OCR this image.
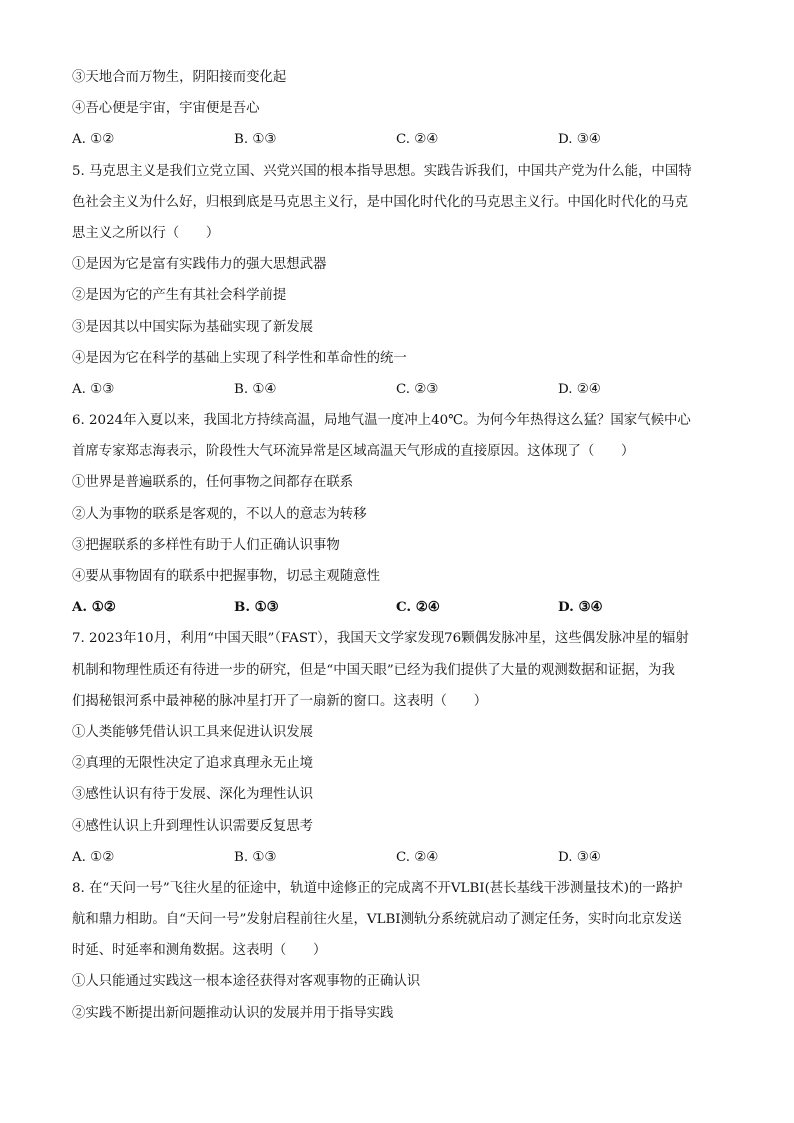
③天地合而万物生，阴阳接而变化起
④吾心便是宇宙，宇宙便是吾心
A. ①②	B. ①③	C. ②④	D. ③④
5. 马克思主义是我们立党立国、兴党兴国的根本指导思想。实践告诉我们，中国共产党为什么能，中国特
色社会主义为什么好，归根到底是马克思主义行，是中国化时代化的马克思主义行。中国化时代化的马克
思主义之所以行（　　）
①是因为它是富有实践伟力的强大思想武器
②是因为它的产生有其社会科学前提
③是因其以中国实际为基础实现了新发展
④是因为它在科学的基础上实现了科学性和革命性的统一
A. ①③	B. ①④	C. ②③	D. ②④
6. 2024年入夏以来，我国北方持续高温，局地气温一度冲上40℃。为何今年热得这么猛？国家气候中心
首席专家郑志海表示，阶段性大气环流异常是区域高温天气形成的直接原因。这体现了（　　）
①世界是普遍联系的，任何事物之间都存在联系
②人为事物的联系是客观的，不以人的意志为转移
③把握联系的多样性有助于人们正确认识事物
④要从事物固有的联系中把握事物，切忌主观随意性
A. ①②	B. ①③	C. ②④	D. ③④
7. 2023年10月，利用“中国天眼”（FAST），我国天文学家发现76颗偶发脉冲星，这些偶发脉冲星的辐射
机制和物理性质还有待进一步的研究，但是“中国天眼”已经为我们提供了大量的观测数据和证据，为我
们揭秘银河系中最神秘的脉冲星打开了一扇新的窗口。这表明（　　）
①人类能够凭借认识工具来促进认识发展
②真理的无限性决定了追求真理永无止境
③感性认识有待于发展、深化为理性认识
④感性认识上升到理性认识需要反复思考
A. ①②	B. ①③	C. ②④	D. ③④
8. 在“天问一号”飞往火星的征途中，轨道中途修正的完成离不开VLBI(甚长基线干涉测量技术)的一路护
航和鼎力相助。自“天问一号”发射启程前往火星，VLBI测轨分系统就启动了测定任务，实时向北京发送
时延、时延率和测角数据。这表明（　　）
①人只能通过实践这一根本途径获得对客观事物的正确认识
②实践不断提出新问题推动认识的发展并用于指导实践
